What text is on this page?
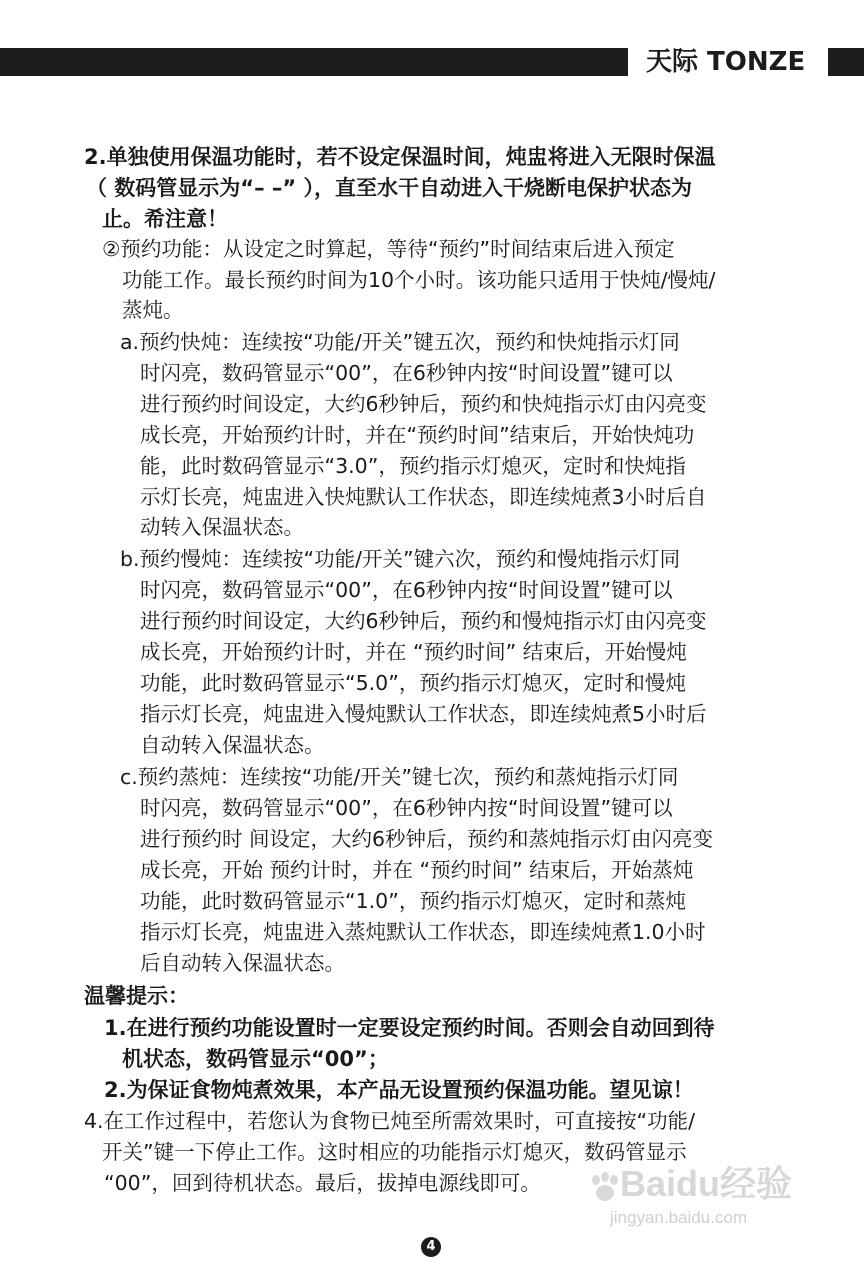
天际 TONZE
2.单独使用保温功能时，若不设定保温时间，炖盅将进入无限时保温
（ 数码管显示为“– –” ），直至水干自动进入干烧断电保护状态为
止。希注意！
②预约功能：从设定之时算起，等待“预约”时间结束后进入预定
功能工作。最长预约时间为10个小时。该功能只适用于快炖/慢炖/
蒸炖。
a.预约快炖：连续按“功能/开关”键五次，预约和快炖指示灯同
时闪亮，数码管显示“00”，在6秒钟内按“时间设置”键可以
进行预约时间设定，大约6秒钟后，预约和快炖指示灯由闪亮变
成长亮，开始预约计时，并在“预约时间”结束后，开始快炖功
能，此时数码管显示“3.0”，预约指示灯熄灭，定时和快炖指
示灯长亮，炖盅进入快炖默认工作状态，即连续炖煮3小时后自
动转入保温状态。
b.预约慢炖：连续按“功能/开关”键六次，预约和慢炖指示灯同
时闪亮，数码管显示“00”，在6秒钟内按“时间设置”键可以
进行预约时间设定，大约6秒钟后，预约和慢炖指示灯由闪亮变
成长亮，开始预约计时，并在 “预约时间” 结束后，开始慢炖
功能，此时数码管显示“5.0”，预约指示灯熄灭，定时和慢炖
指示灯长亮，炖盅进入慢炖默认工作状态，即连续炖煮5小时后
自动转入保温状态。
c.预约蒸炖：连续按“功能/开关”键七次，预约和蒸炖指示灯同
时闪亮，数码管显示“00”，在6秒钟内按“时间设置”键可以
进行预约时 间设定，大约6秒钟后，预约和蒸炖指示灯由闪亮变
成长亮，开始 预约计时，并在 “预约时间” 结束后，开始蒸炖
功能，此时数码管显示“1.0”，预约指示灯熄灭，定时和蒸炖
指示灯长亮，炖盅进入蒸炖默认工作状态，即连续炖煮1.0小时
后自动转入保温状态。
温馨提示：
1.在进行预约功能设置时一定要设定预约时间。否则会自动回到待
机状态，数码管显示“00”；
2.为保证食物炖煮效果，本产品无设置预约保温功能。望见谅！
4.在工作过程中，若您认为食物已炖至所需效果时，可直接按“功能/
开关”键一下停止工作。这时相应的功能指示灯熄灭，数码管显示
“00”，回到待机状态。最后，拔掉电源线即可。 Baidu经验
jingyan.baidu.com
4
